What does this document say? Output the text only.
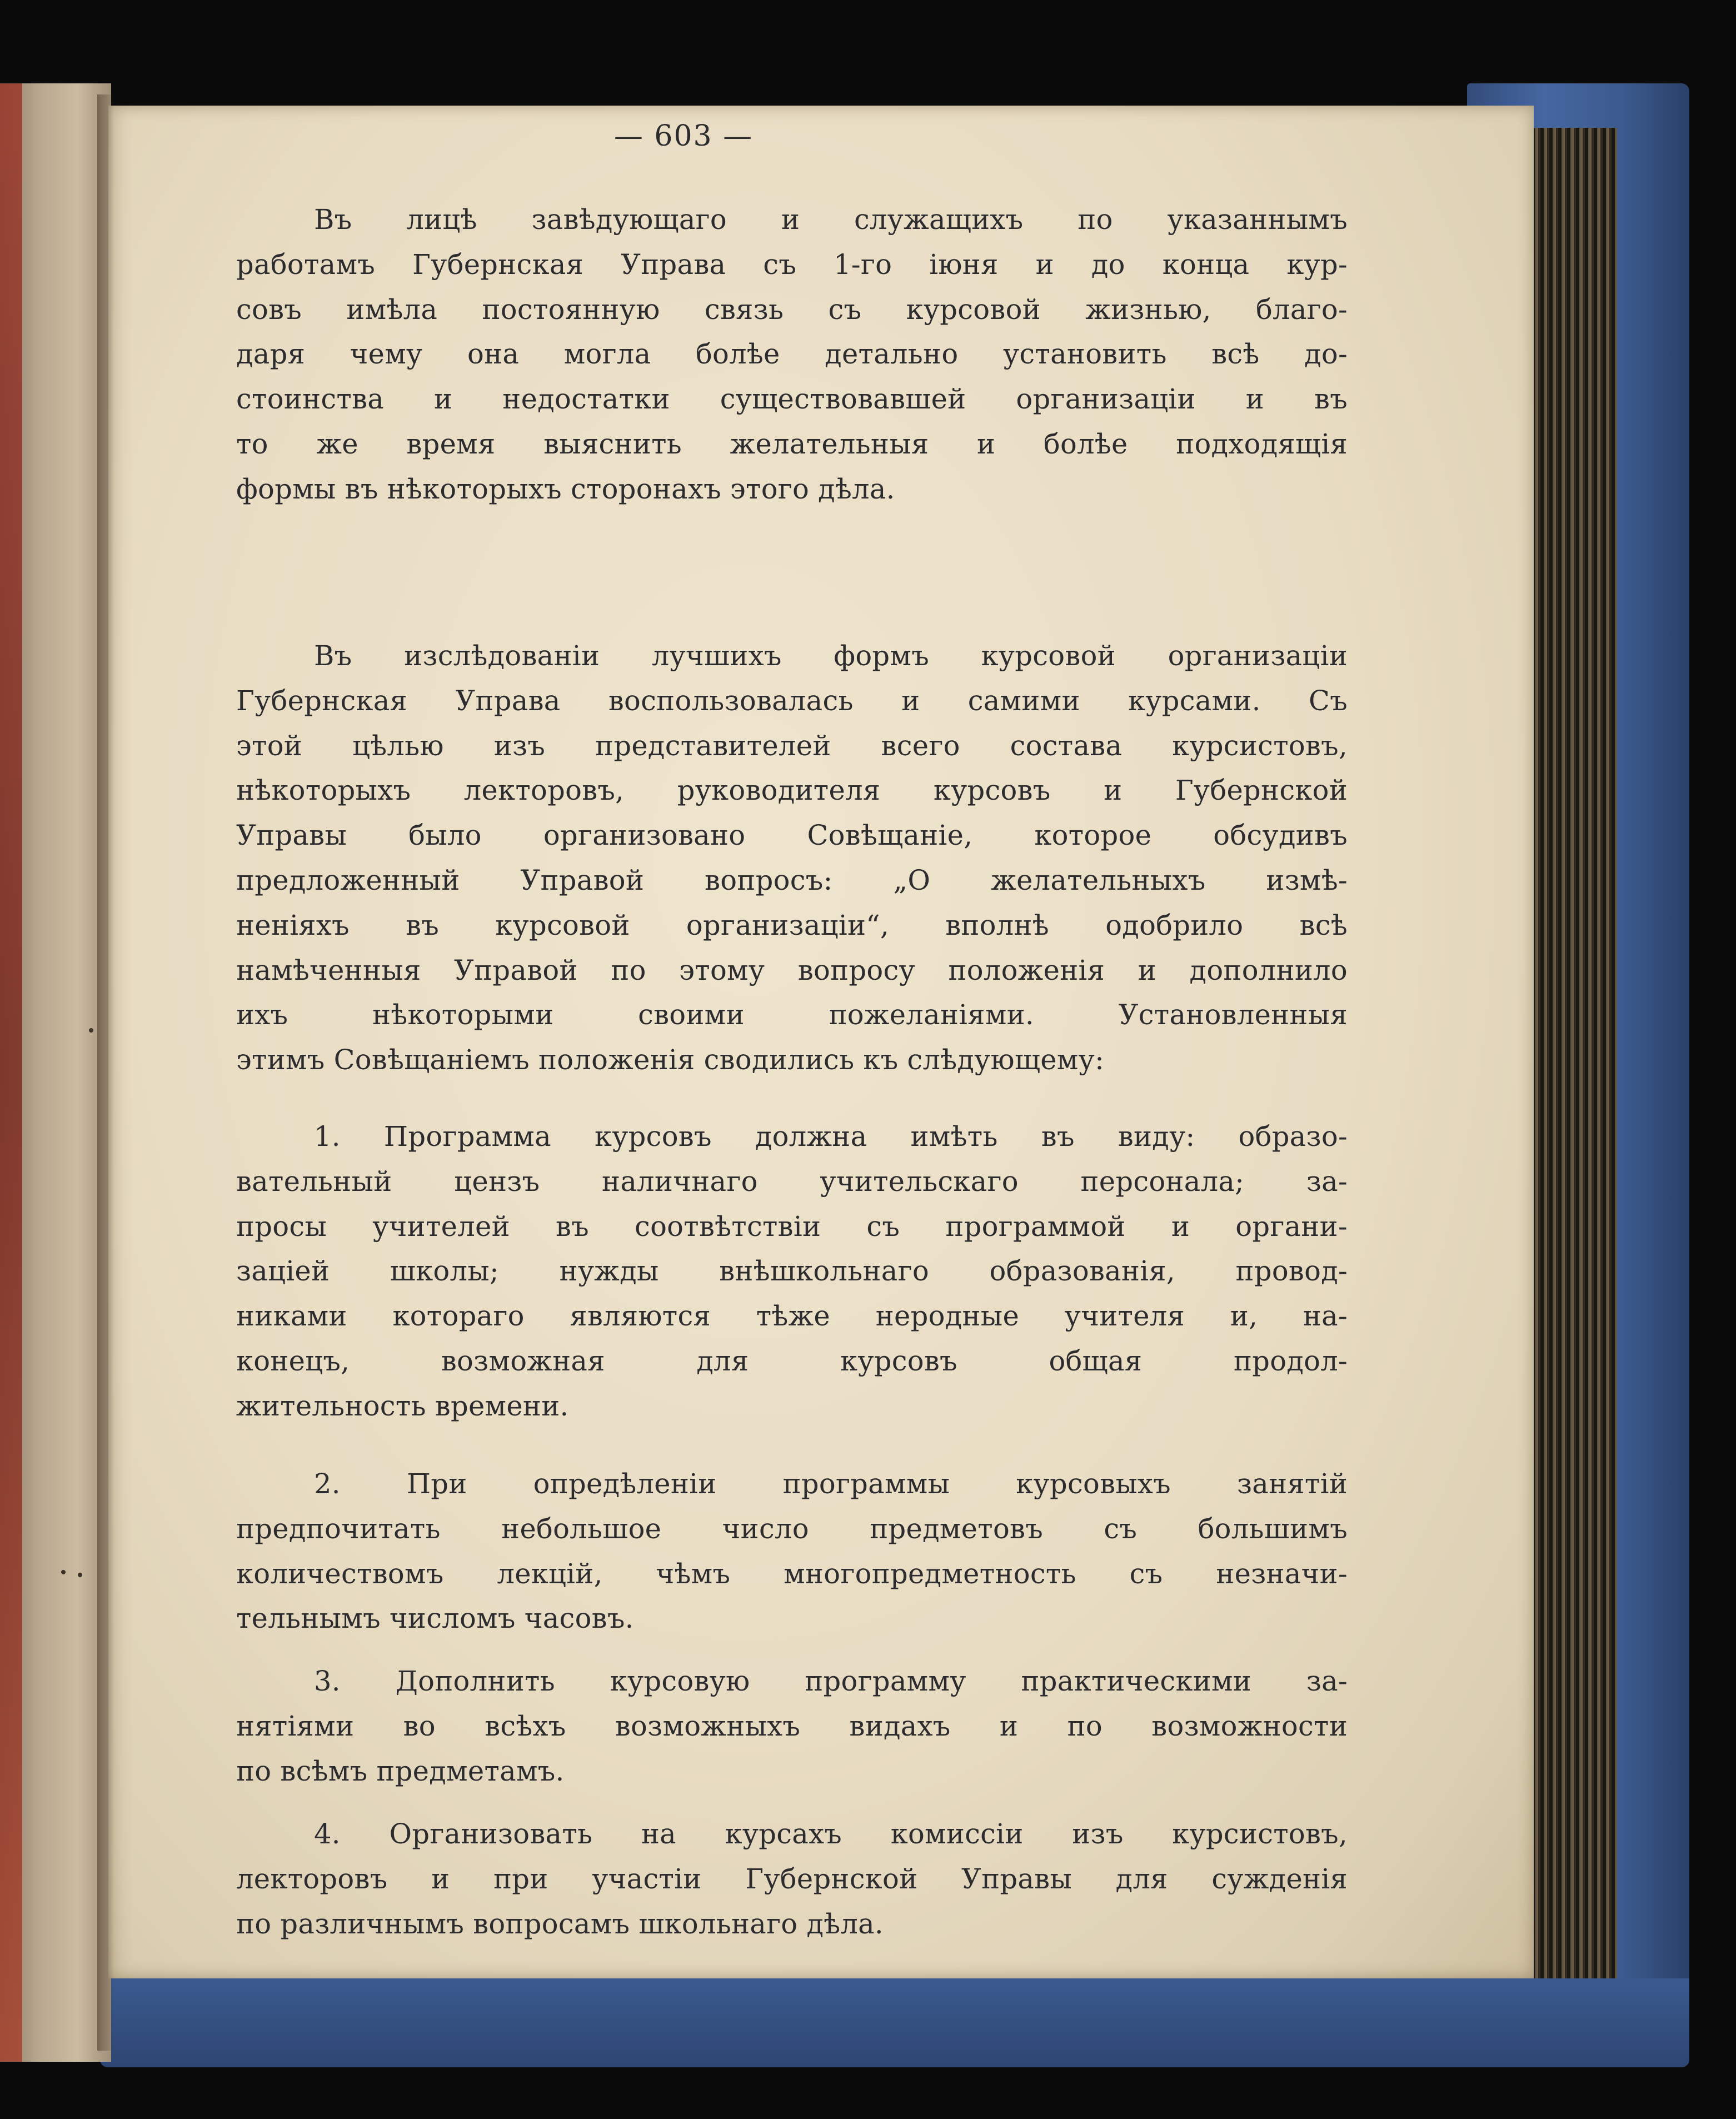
— 603 —
Въ лицѣ завѣдующаго и служащихъ по указаннымъ
работамъ Губернская Управа съ 1-го іюня и до конца кур-
совъ имѣла постоянную связь съ курсовой жизнью, благо-
даря чему она могла болѣе детально установить всѣ до-
стоинства и недостатки существовавшей организаціи и въ
то же время выяснить желательныя и болѣе подходящія
формы въ нѣкоторыхъ сторонахъ этого дѣла.
Въ изслѣдованіи лучшихъ формъ курсовой организаціи
Губернская Управа воспользовалась и самими курсами. Съ
этой цѣлью изъ представителей всего состава курсистовъ,
нѣкоторыхъ лекторовъ, руководителя курсовъ и Губернской
Управы было организовано Совѣщаніе, которое обсудивъ
предложенный Управой вопросъ: „О желательныхъ измѣ-
неніяхъ въ курсовой организаціи“, вполнѣ одобрило всѣ
намѣченныя Управой по этому вопросу положенія и дополнило
ихъ нѣкоторыми своими пожеланіями. Установленныя
этимъ Совѣщаніемъ положенія сводились къ слѣдующему:
1. Программа курсовъ должна имѣть въ виду: образо-
вательный цензъ наличнаго учительскаго персонала; за-
просы учителей въ соотвѣтствіи съ программой и органи-
заціей школы; нужды внѣшкольнаго образованія, провод-
никами котораго являются тѣже неродные учителя и, на-
конецъ, возможная для курсовъ общая продол-
жительность времени.
2. При опредѣленіи программы курсовыхъ занятій
предпочитать небольшое число предметовъ съ большимъ
количествомъ лекцій, чѣмъ многопредметность съ незначи-
тельнымъ числомъ часовъ.
3. Дополнить курсовую программу практическими за-
нятіями во всѣхъ возможныхъ видахъ и по возможности
по всѣмъ предметамъ.
4. Организовать на курсахъ комиссіи изъ курсистовъ,
лекторовъ и при участіи Губернской Управы для сужденія
по различнымъ вопросамъ школьнаго дѣла.
